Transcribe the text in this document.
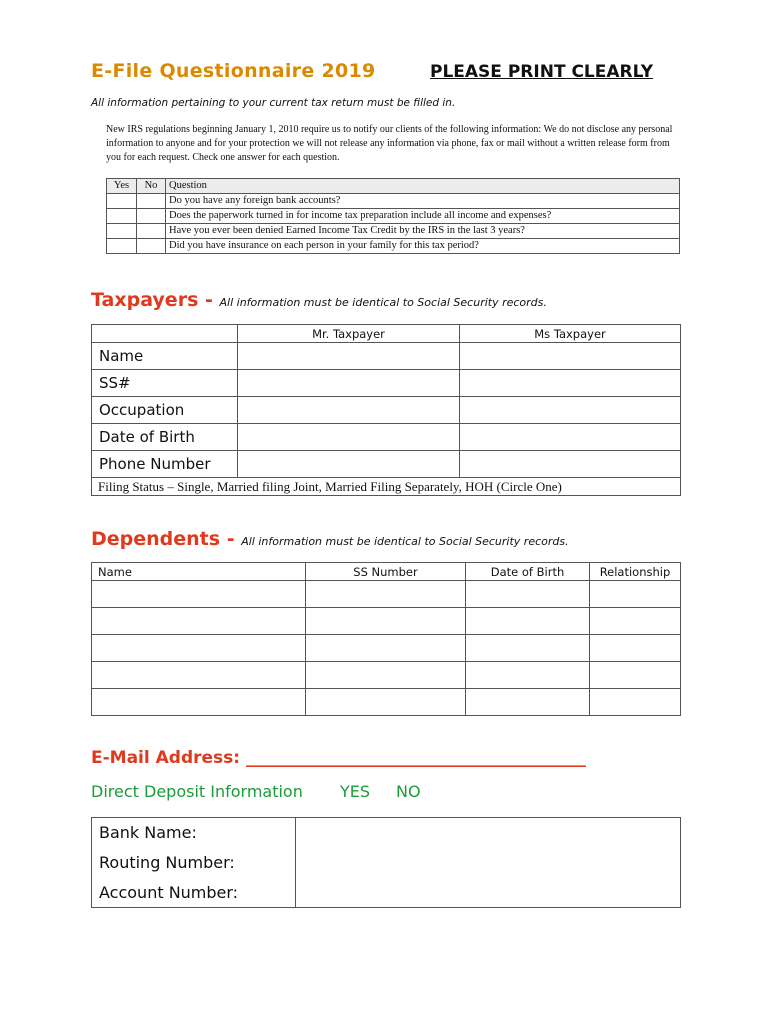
E-File Questionnaire 2019	PLEASE PRINT CLEARLY
All information pertaining to your current tax return must be filled in.
New IRS regulations beginning January 1, 2010 require us to notify our clients of the following information: We do not disclose any personal information to anyone and for your protection we will not release any information via phone, fax or mail without a written release form from you for each request. Check one answer for each question.
Yes	No	Question
		Do you have any foreign bank accounts?
		Does the paperwork turned in for income tax preparation include all income and expenses?
		Have you ever been denied Earned Income Tax Credit by the IRS in the last 3 years?
		Did you have insurance on each person in your family for this tax period?
Taxpayers - All information must be identical to Social Security records.
	Mr. Taxpayer	Ms Taxpayer
Name		
SS#		
Occupation		
Date of Birth		
Phone Number		
Filing Status – Single, Married filing Joint, Married Filing Separately, HOH (Circle One)		
Dependents - All information must be identical to Social Security records.
Name	SS Number	Date of Birth	Relationship

E-Mail Address: ________________________________________
Direct Deposit Information YES NO
Bank Name:	
Routing Number:	
Account Number:	
